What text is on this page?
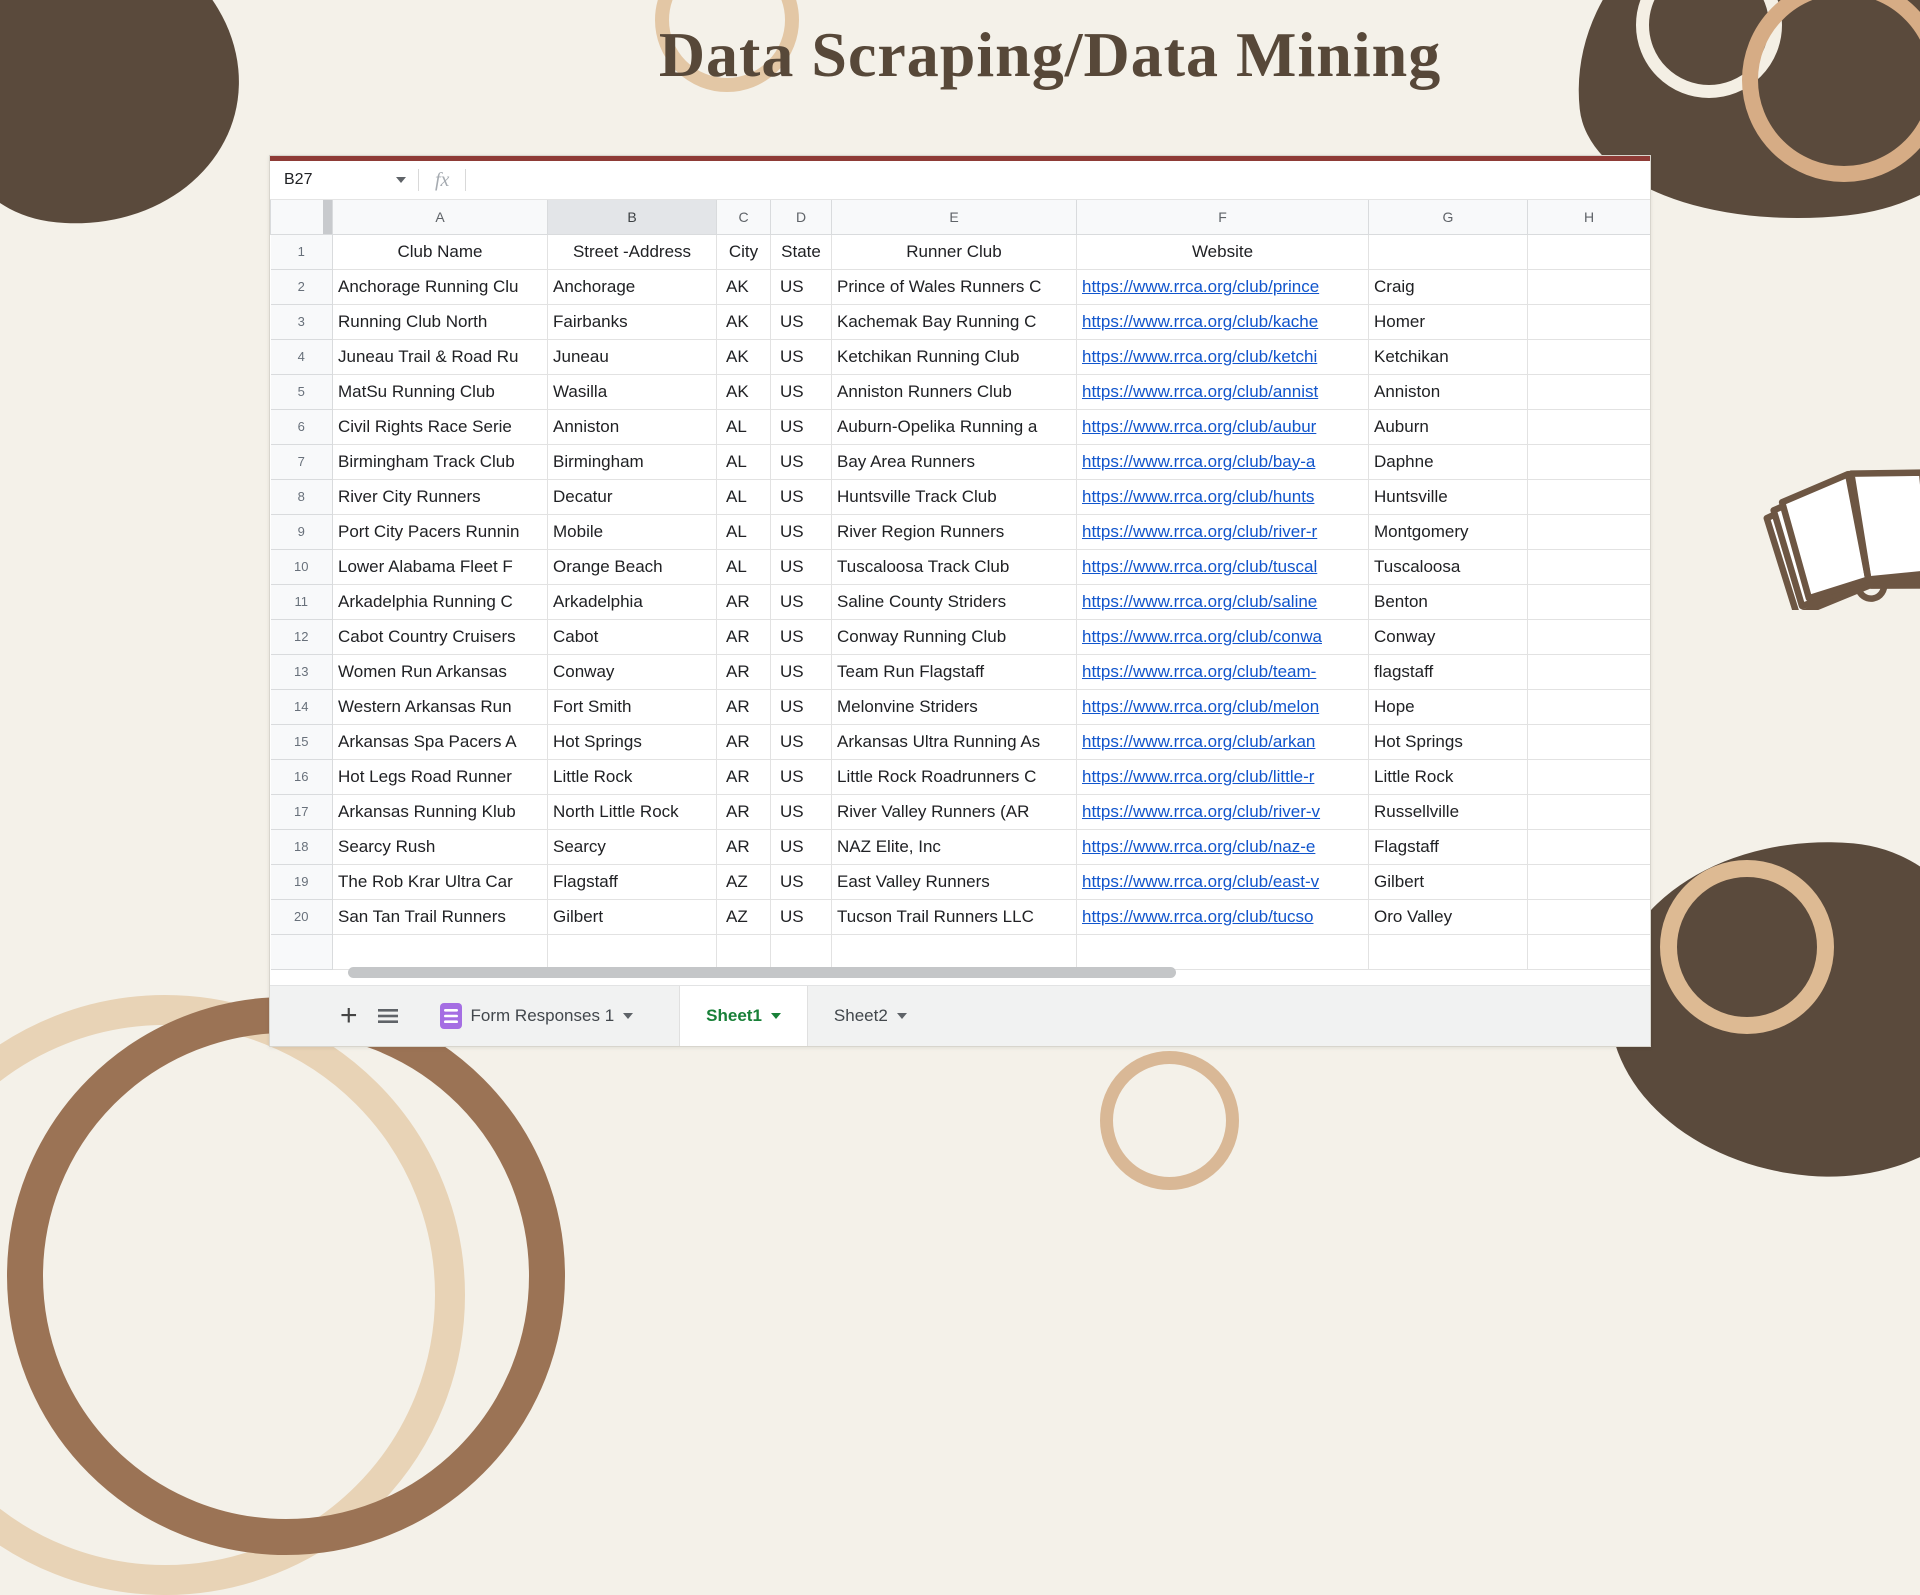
Data Scraping/Data Mining
B27	fx
	A	B	C	D	E	F	G	H
1	Club Name	Street -Address	City	State	Runner Club	Website		
2	Anchorage Running Clu	Anchorage	AK	US	Prince of Wales Runners C	https://www.rrca.org/club/prince	Craig	
3	Running Club North	Fairbanks	AK	US	Kachemak Bay Running C	https://www.rrca.org/club/kache	Homer	
4	Juneau Trail & Road Ru	Juneau	AK	US	Ketchikan Running Club	https://www.rrca.org/club/ketchi	Ketchikan	
5	MatSu Running Club	Wasilla	AK	US	Anniston Runners Club	https://www.rrca.org/club/annist	Anniston	
6	Civil Rights Race Serie	Anniston	AL	US	Auburn-Opelika Running a	https://www.rrca.org/club/aubur	Auburn	
7	Birmingham Track Club	Birmingham	AL	US	Bay Area Runners	https://www.rrca.org/club/bay-a	Daphne	
8	River City Runners	Decatur	AL	US	Huntsville Track Club	https://www.rrca.org/club/hunts	Huntsville	
9	Port City Pacers Runnin	Mobile	AL	US	River Region Runners	https://www.rrca.org/club/river-r	Montgomery	
10	Lower Alabama Fleet F	Orange Beach	AL	US	Tuscaloosa Track Club	https://www.rrca.org/club/tuscal	Tuscaloosa	
11	Arkadelphia Running C	Arkadelphia	AR	US	Saline County Striders	https://www.rrca.org/club/saline	Benton	
12	Cabot Country Cruisers	Cabot	AR	US	Conway Running Club	https://www.rrca.org/club/conwa	Conway	
13	Women Run Arkansas	Conway	AR	US	Team Run Flagstaff	https://www.rrca.org/club/team-	flagstaff	
14	Western Arkansas Run	Fort Smith	AR	US	Melonvine Striders	https://www.rrca.org/club/melon	Hope	
15	Arkansas Spa Pacers A	Hot Springs	AR	US	Arkansas Ultra Running As	https://www.rrca.org/club/arkan	Hot Springs	
16	Hot Legs Road Runner	Little Rock	AR	US	Little Rock Roadrunners C	https://www.rrca.org/club/little-r	Little Rock	
17	Arkansas Running Klub	North Little Rock	AR	US	River Valley Runners (AR	https://www.rrca.org/club/river-v	Russellville	
18	Searcy Rush	Searcy	AR	US	NAZ Elite, Inc	https://www.rrca.org/club/naz-e	Flagstaff	
19	The Rob Krar Ultra Car	Flagstaff	AZ	US	East Valley Runners	https://www.rrca.org/club/east-v	Gilbert	
20	San Tan Trail Runners	Gilbert	AZ	US	Tucson Trail Runners LLC	https://www.rrca.org/club/tucso	Oro Valley	

+	Form Responses 1	Sheet1	Sheet2
